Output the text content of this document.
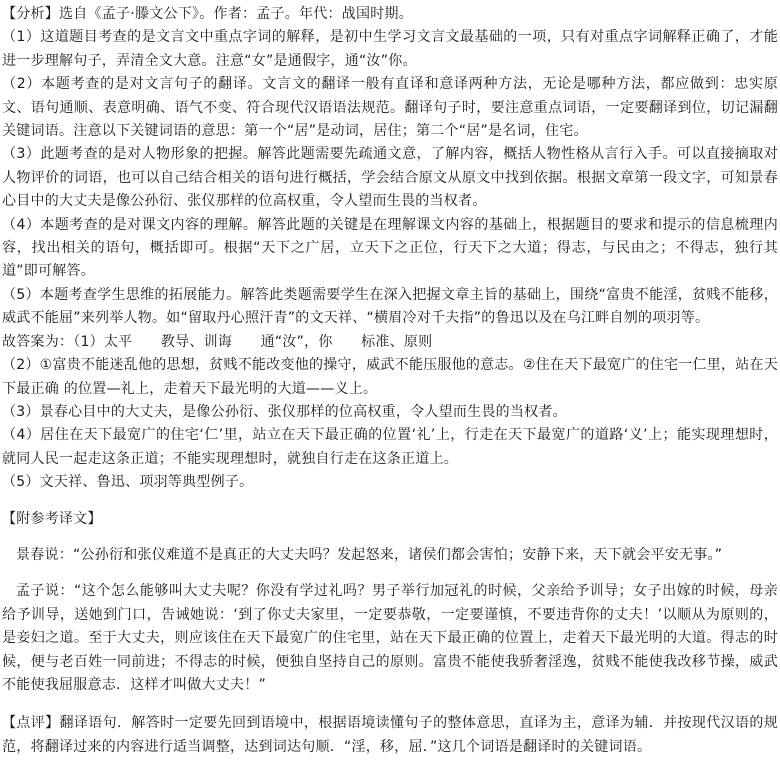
【分析】选自《孟子·滕文公下》。作者：孟子。年代：战国时期。

（1）这道题目考查的是文言文中重点字词的解释，是初中生学习文言文最基础的一项，只有对重点字词解释正确了，才能进一步理解句子，弄清全文大意。注意“女”是通假字，通“汝”你。

（2）本题考查的是对文言句子的翻译。文言文的翻译一般有直译和意译两种方法，无论是哪种方法，都应做到：忠实原文、语句通顺、表意明确、语气不变、符合现代汉语语法规范。翻译句子时，要注意重点词语，一定要翻译到位，切记漏翻关键词语。注意以下关键词语的意思：第一个“居”是动词，居住；第二个“居”是名词，住宅。

（3）此题考查的是对人物形象的把握。解答此题需要先疏通文意，了解内容，概括人物性格从言行入手。可以直接摘取对人物评价的词语，也可以自己结合相关的语句进行概括，学会结合原文从原文中找到依据。根据文章第一段文字，可知景春心目中的大丈夫是像公孙衍、张仪那样的位高权重，令人望而生畏的当权者。

（4）本题考查的是对课文内容的理解。解答此题的关键是在理解课文内容的基础上，根据题目的要求和提示的信息梳理内容，找出相关的语句，概括即可。根据“天下之广居，立天下之正位，行天下之大道；得志，与民由之；不得志，独行其道”即可解答。

（5）本题考查学生思维的拓展能力。解答此类题需要学生在深入把握文章主旨的基础上，围绕“富贵不能淫，贫贱不能移，威武不能屈”来列举人物。如“留取丹心照汗青”的文天祥、“横眉冷对千夫指”的鲁迅以及在乌江畔自刎的项羽等。

故答案为：（1）太平　　教导、训诲　　通“汝”，你　　标准、原则

（2）①富贵不能迷乱他的思想，贫贱不能改变他的操守，威武不能压服他的意志。②住在天下最宽广的住宅一仁里，站在天下最正确 的位置—礼上，走着天下最光明的大道——义上。

（3）景春心目中的大丈夫，是像公孙衍、张仪那样的位高权重，令人望而生畏的当权者。

（4）居住在天下最宽广的住宅‘仁’里，站立在天下最正确的位置‘礼’上，行走在天下最宽广的道路‘义’上；能实现理想时，就同人民一起走这条正道；不能实现理想时，就独自行走在这条正道上。

（5）文天祥、鲁迅、项羽等典型例子。

【附参考译文】

景春说：“公孙衍和张仪难道不是真正的大丈夫吗？发起怒来，诸侯们都会害怕；安静下来，天下就会平安无事。”

孟子说：“这个怎么能够叫大丈夫呢？你没有学过礼吗？男子举行加冠礼的时候，父亲给予训导；女子出嫁的时候，母亲给予训导，送她到门口，告诫她说：‘到了你丈夫家里，一定要恭敬，一定要谨慎，不要违背你的丈夫！’以顺从为原则的，是妾妇之道。至于大丈夫，则应该住在天下最宽广的住宅里，站在天下最正确的位置上，走着天下最光明的大道。得志的时候，便与老百姓一同前进；不得志的时候，便独自坚持自己的原则。富贵不能使我骄奢淫逸，贫贱不能使我改移节操，威武不能使我屈服意志．这样才叫做大丈夫！”

【点评】翻译语句．解答时一定要先回到语境中，根据语境读懂句子的整体意思，直译为主，意译为辅．并按现代汉语的规范，将翻译过来的内容进行适当调整，达到词达句顺．“淫，移，屈．”这几个词语是翻译时的关键词语。
